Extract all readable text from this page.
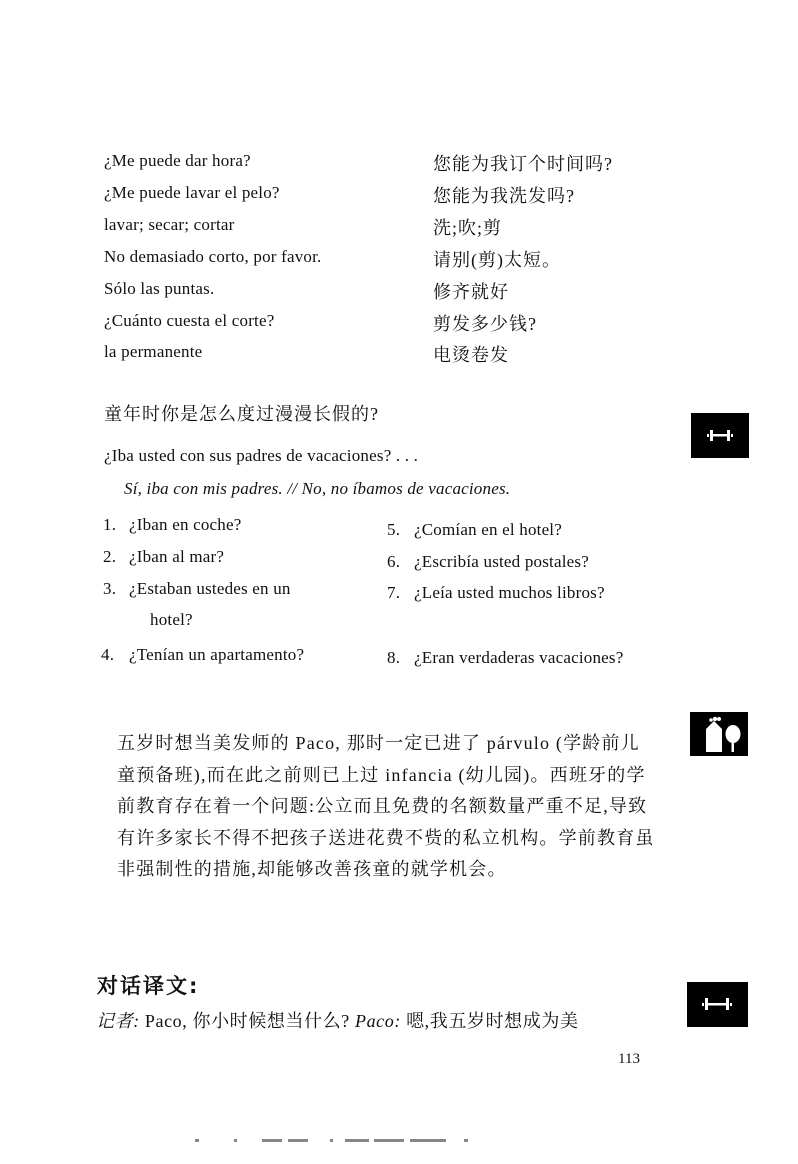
¿Me puede dar hora?	您能为我订个时间吗?
¿Me puede lavar el pelo?	您能为我洗发吗?
lavar; secar; cortar	洗;吹;剪
No demasiado corto, por favor.	请别(剪)太短。
Sólo las puntas.	修齐就好
¿Cuánto cuesta el corte?	剪发多少钱?
la permanente	电烫卷发
童年时你是怎么度过漫漫长假的?
¿Iba usted con sus padres de vacaciones? . . .
Sí, iba con mis padres. // No, no íbamos de vacaciones.
1. ¿Iban en coche?
2. ¿Iban al mar?
3. ¿Estaban ustedes en un
hotel?
4. ¿Tenían un apartamento?
5. ¿Comían en el hotel?
6. ¿Escribía usted postales?
7. ¿Leía usted muchos libros?
8. ¿Eran verdaderas vacaciones?
五岁时想当美发师的 Paco, 那时一定已进了 párvulo (学龄前儿童预备班),而在此之前则已上过 infancia (幼儿园)。西班牙的学前教育存在着一个问题:公立而且免费的名额数量严重不足,导致有许多家长不得不把孩子送进花费不赀的私立机构。学前教育虽非强制性的措施,却能够改善孩童的就学机会。
对话译文:
记者: Paco, 你小时候想当什么? Paco: 嗯,我五岁时想成为美
113
